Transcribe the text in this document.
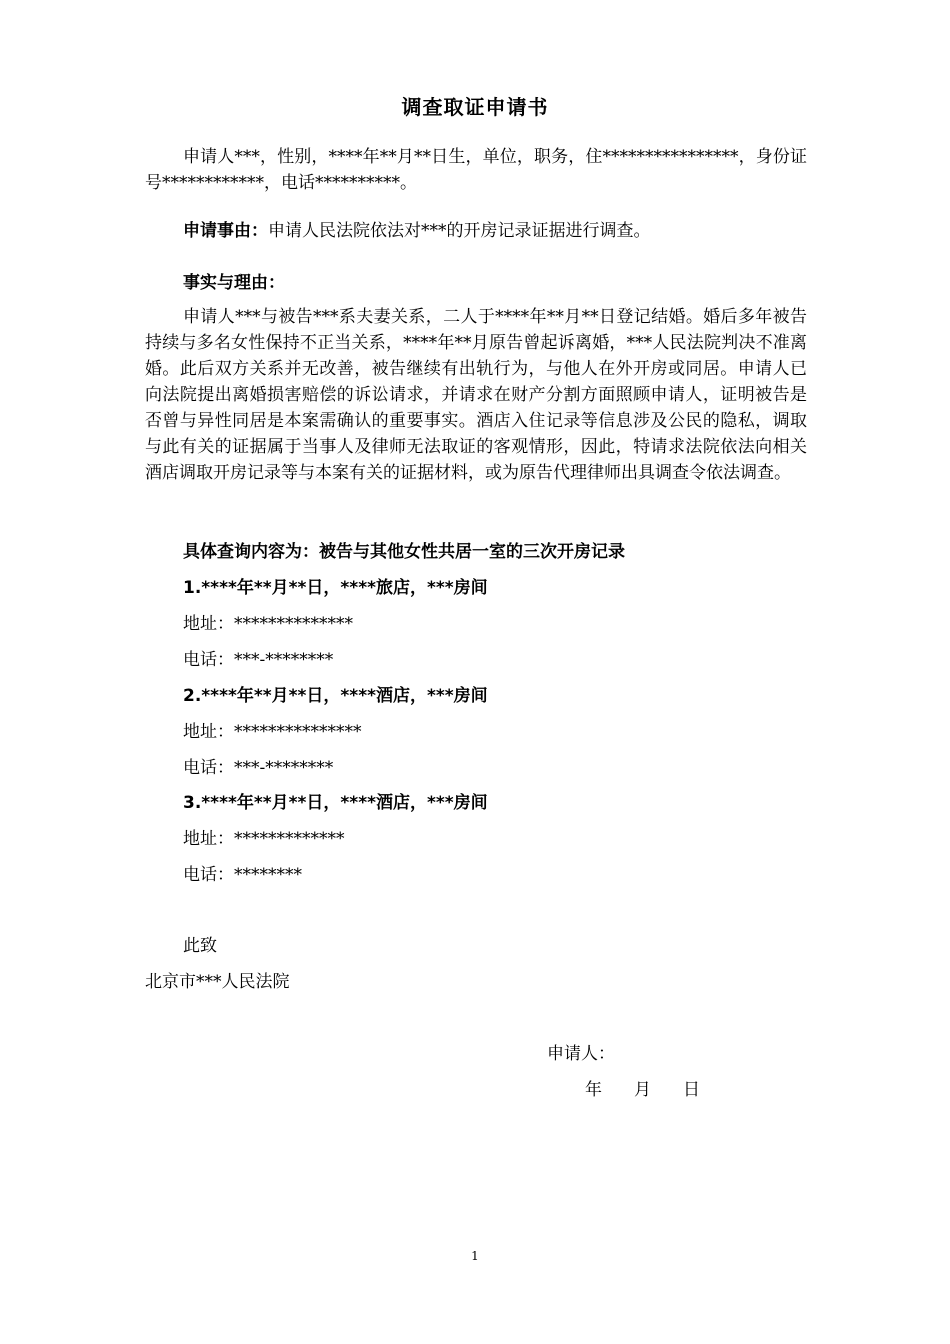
调查取证申请书

申请人***，性别，****年**月**日生，单位，职务，住****************，身份证号************，电话**********。

申请事由：申请人民法院依法对***的开房记录证据进行调查。

事实与理由：

申请人***与被告***系夫妻关系，二人于****年**月**日登记结婚。婚后多年被告持续与多名女性保持不正当关系，****年**月原告曾起诉离婚，***人民法院判决不准离婚。此后双方关系并无改善，被告继续有出轨行为，与他人在外开房或同居。申请人已向法院提出离婚损害赔偿的诉讼请求，并请求在财产分割方面照顾申请人，证明被告是否曾与异性同居是本案需确认的重要事实。酒店入住记录等信息涉及公民的隐私，调取与此有关的证据属于当事人及律师无法取证的客观情形，因此，特请求法院依法向相关酒店调取开房记录等与本案有关的证据材料，或为原告代理律师出具调查令依法调查。

具体查询内容为：被告与其他女性共居一室的三次开房记录

1.****年**月**日，****旅店，***房间

地址：**************

电话：***-********

2.****年**月**日，****酒店，***房间

地址：***************

电话：***-********

3.****年**月**日，****酒店，***房间

地址：*************

电话：********

此致

北京市***人民法院

申请人：

年 月 日

1
